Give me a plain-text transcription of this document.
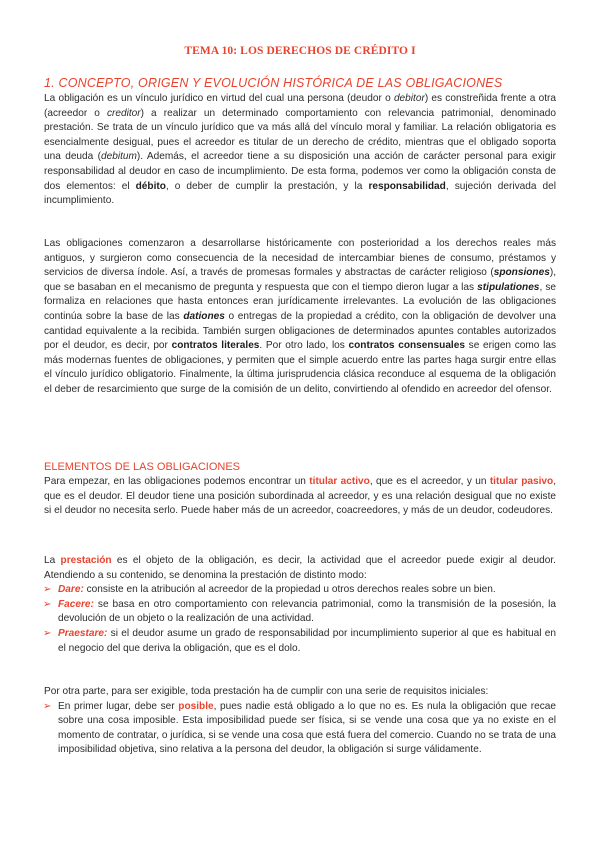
TEMA 10: LOS DERECHOS DE CRÉDITO I
1. CONCEPTO, ORIGEN Y EVOLUCIÓN HISTÓRICA DE LAS OBLIGACIONES
La obligación es un vínculo jurídico en virtud del cual una persona (deudor o debitor) es constreñida frente a otra (acreedor o creditor) a realizar un determinado comportamiento con relevancia patrimonial, denominado prestación. Se trata de un vínculo jurídico que va más allá del vínculo moral y familiar. La relación obligatoria es esencialmente desigual, pues el acreedor es titular de un derecho de crédito, mientras que el obligado soporta una deuda (debitum). Además, el acreedor tiene a su disposición una acción de carácter personal para exigir responsabilidad al deudor en caso de incumplimiento. De esta forma, podemos ver como la obligación consta de dos elementos: el débito, o deber de cumplir la prestación, y la responsabilidad, sujeción derivada del incumplimiento.
Las obligaciones comenzaron a desarrollarse históricamente con posterioridad a los derechos reales más antiguos, y surgieron como consecuencia de la necesidad de intercambiar bienes de consumo, préstamos y servicios de diversa índole. Así, a través de promesas formales y abstractas de carácter religioso (sponsiones), que se basaban en el mecanismo de pregunta y respuesta que con el tiempo dieron lugar a las stipulationes, se formaliza en relaciones que hasta entonces eran jurídicamente irrelevantes. La evolución de las obligaciones continúa sobre la base de las dationes o entregas de la propiedad a crédito, con la obligación de devolver una cantidad equivalente a la recibida. También surgen obligaciones de determinados apuntes contables autorizados por el deudor, es decir, por contratos literales. Por otro lado, los contratos consensuales se erigen como las más modernas fuentes de obligaciones, y permiten que el simple acuerdo entre las partes haga surgir entre ellas el vínculo jurídico obligatorio. Finalmente, la última jurisprudencia clásica reconduce al esquema de la obligación el deber de resarcimiento que surge de la comisión de un delito, convirtiendo al ofendido en acreedor del ofensor.
ELEMENTOS DE LAS OBLIGACIONES
Para empezar, en las obligaciones podemos encontrar un titular activo, que es el acreedor, y un titular pasivo, que es el deudor. El deudor tiene una posición subordinada al acreedor, y es una relación desigual que no existe si el deudor no necesita serlo. Puede haber más de un acreedor, coacreedores, y más de un deudor, codeudores.
La prestación es el objeto de la obligación, es decir, la actividad que el acreedor puede exigir al deudor. Atendiendo a su contenido, se denomina la prestación de distinto modo:
➢ Dare: consiste en la atribución al acreedor de la propiedad u otros derechos reales sobre un bien.
➢ Facere: se basa en otro comportamiento con relevancia patrimonial, como la transmisión de la posesión, la devolución de un objeto o la realización de una actividad.
➢ Praestare: si el deudor asume un grado de responsabilidad por incumplimiento superior al que es habitual en el negocio del que deriva la obligación, que es el dolo.
Por otra parte, para ser exigible, toda prestación ha de cumplir con una serie de requisitos iniciales:
➢ En primer lugar, debe ser posible, pues nadie está obligado a lo que no es. Es nula la obligación que recae sobre una cosa imposible. Esta imposibilidad puede ser física, si se vende una cosa que ya no existe en el momento de contratar, o jurídica, si se vende una cosa que está fuera del comercio. Cuando no se trata de una imposibilidad objetiva, sino relativa a la persona del deudor, la obligación si surge válidamente.
